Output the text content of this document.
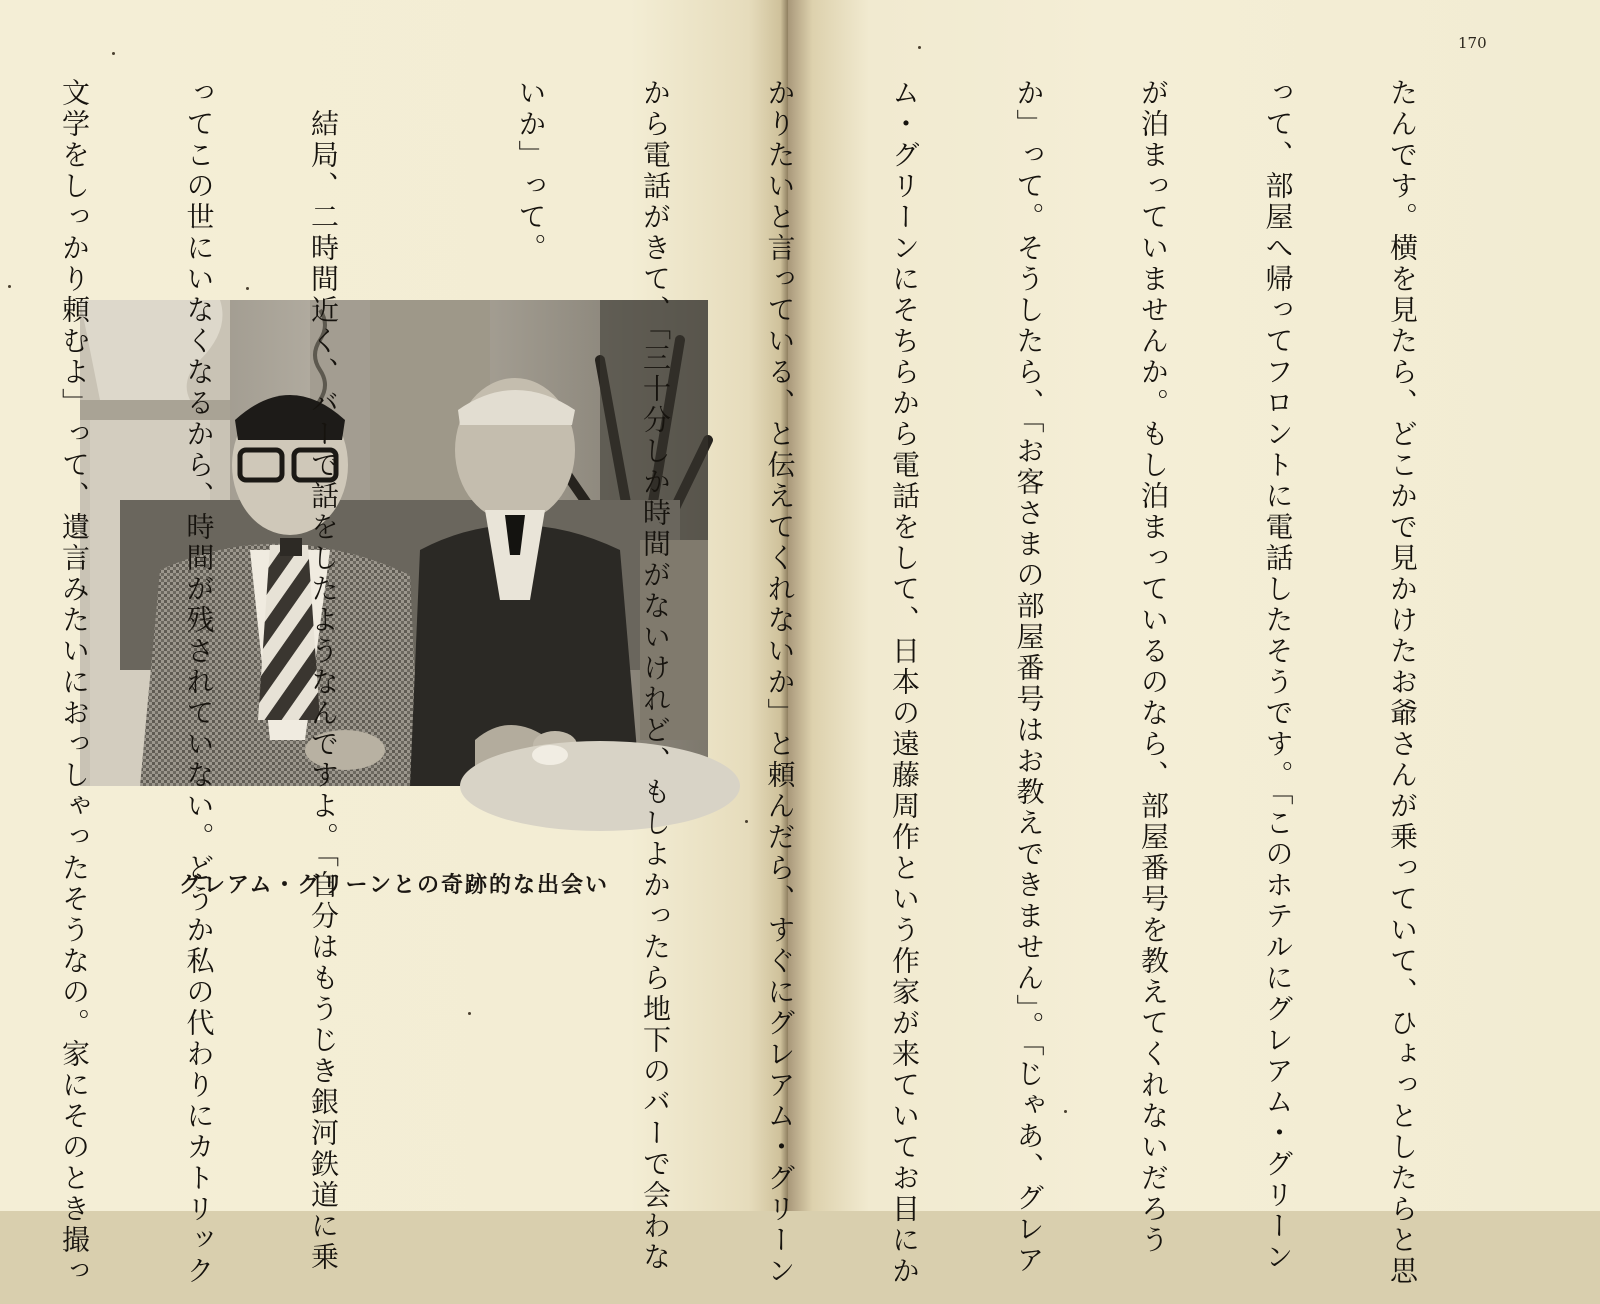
グレアム・グリーンとの奇跡的な出会い
170

たんです。横を見たら、どこかで見かけたお爺さんが乗っていて、ひょっとしたらと思

って、部屋へ帰ってフロントに電話したそうです。「このホテルにグレアム・グリーン

が泊まっていませんか。もし泊まっているのなら、部屋番号を教えてくれないだろう

か」って。そうしたら、「お客さまの部屋番号はお教えできません」。「じゃあ、グレア

ム・グリーンにそちらから電話をして、日本の遠藤周作という作家が来ていてお目にか

かりたいと言っている、と伝えてくれないか」と頼んだら、すぐにグレアム・グリーン

から電話がきて、「三十分しか時間がないけれど、もしよかったら地下のバーで会わな

いか」って。

　結局、二時間近く、バーで話をしたようなんですよ。「自分はもうじき銀河鉄道に乗

ってこの世にいなくなるから、時間が残されていない。どうか私の代わりにカトリック

文学をしっかり頼むよ」って、遺言みたいにおっしゃったそうなの。家にそのとき撮っ
